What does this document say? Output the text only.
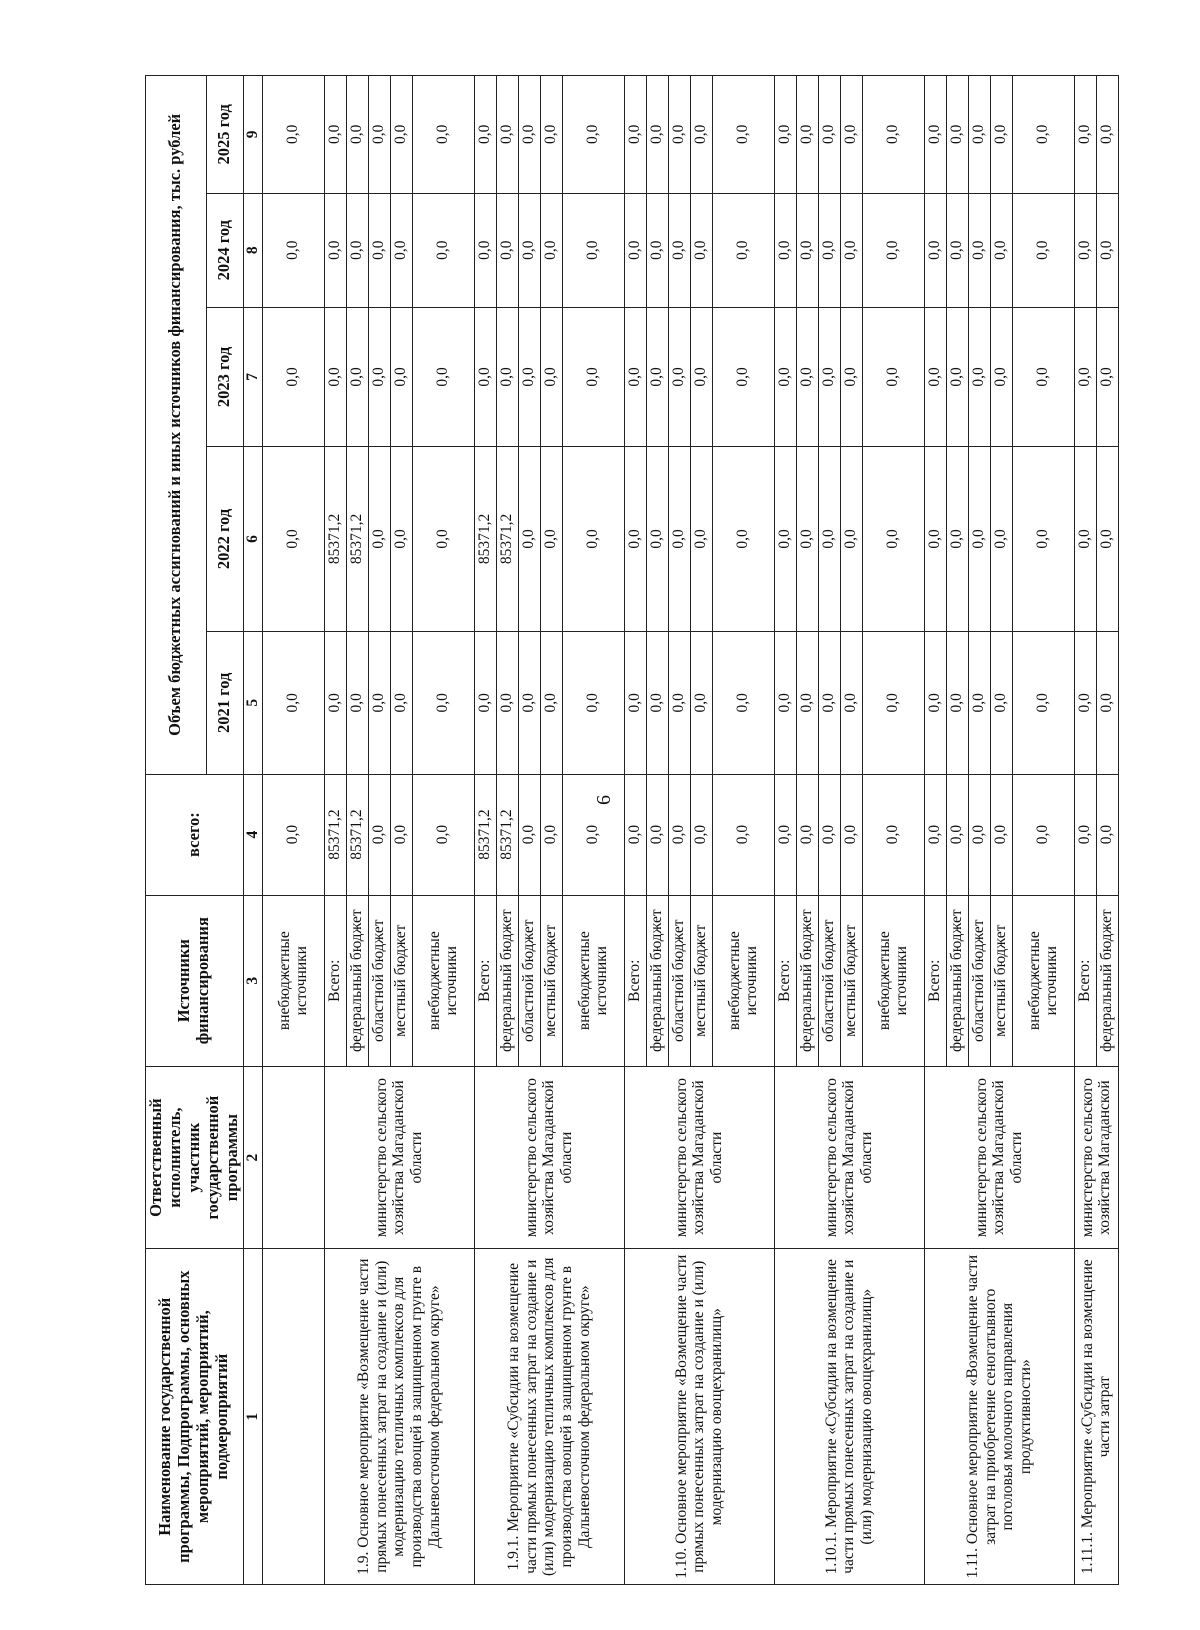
6
Наименование государственной программы, Подпрограммы, основных мероприятий, мероприятий, подмероприятий	Ответственный исполнитель, участник государственной программы	Источники финансирования	всего:	Объем бюджетных ассигнований и иных источников финансирования, тыс. рублей				
				2021 год	2022 год	2023 год	2024 год	2025 год
1	2	3	4	5	6	7	8	9
		внебюджетные источники	0,0	0,0	0,0	0,0	0,0	0,0
1.9. Основное мероприятие «Возмещение части прямых понесенных затрат на создание и (или) модернизацию тепличных комплексов для производства овощей в защищенном грунте в Дальневосточном федеральном округе»	министерство сельского хозяйства Магаданской области	Всего:	85371,2	0,0	85371,2	0,0	0,0	0,0
		федеральный бюджет	85371,2	0,0	85371,2	0,0	0,0	0,0
		областной бюджет	0,0	0,0	0,0	0,0	0,0	0,0
		местный бюджет	0,0	0,0	0,0	0,0	0,0	0,0
		внебюджетные источники	0,0	0,0	0,0	0,0	0,0	0,0
1.9.1. Мероприятие «Субсидии на возмещение части прямых понесенных затрат на создание и (или) модернизацию тепличных комплексов для производства овощей в защищенном грунте в Дальневосточном федеральном округе»	министерство сельского хозяйства Магаданской области	Всего:	85371,2	0,0	85371,2	0,0	0,0	0,0
		федеральный бюджет	85371,2	0,0	85371,2	0,0	0,0	0,0
		областной бюджет	0,0	0,0	0,0	0,0	0,0	0,0
		местный бюджет	0,0	0,0	0,0	0,0	0,0	0,0
		внебюджетные источники	0,0	0,0	0,0	0,0	0,0	0,0
1.10. Основное мероприятие «Возмещение части прямых понесенных затрат на создание и (или) модернизацию овощехранилищ»	министерство сельского хозяйства Магаданской области	Всего:	0,0	0,0	0,0	0,0	0,0	0,0
		федеральный бюджет	0,0	0,0	0,0	0,0	0,0	0,0
		областной бюджет	0,0	0,0	0,0	0,0	0,0	0,0
		местный бюджет	0,0	0,0	0,0	0,0	0,0	0,0
		внебюджетные источники	0,0	0,0	0,0	0,0	0,0	0,0
1.10.1. Мероприятие «Субсидии на возмещение части прямых понесенных затрат на создание и (или) модернизацию овощехранилищ»	министерство сельского хозяйства Магаданской области	Всего:	0,0	0,0	0,0	0,0	0,0	0,0
		федеральный бюджет	0,0	0,0	0,0	0,0	0,0	0,0
		областной бюджет	0,0	0,0	0,0	0,0	0,0	0,0
		местный бюджет	0,0	0,0	0,0	0,0	0,0	0,0
		внебюджетные источники	0,0	0,0	0,0	0,0	0,0	0,0
1.11. Основное мероприятие «Возмещение части затрат на приобретение сеногатывного поголовья молочного направления продуктивности»	министерство сельского хозяйства Магаданской области	Всего:	0,0	0,0	0,0	0,0	0,0	0,0
		федеральный бюджет	0,0	0,0	0,0	0,0	0,0	0,0
		областной бюджет	0,0	0,0	0,0	0,0	0,0	0,0
		местный бюджет	0,0	0,0	0,0	0,0	0,0	0,0
		внебюджетные источники	0,0	0,0	0,0	0,0	0,0	0,0
1.11.1. Мероприятие «Субсидии на возмещение части затрат	министерство сельского хозяйства Магаданской	Всего:	0,0	0,0	0,0	0,0	0,0	0,0
		федеральный бюджет	0,0	0,0	0,0	0,0	0,0	0,0
